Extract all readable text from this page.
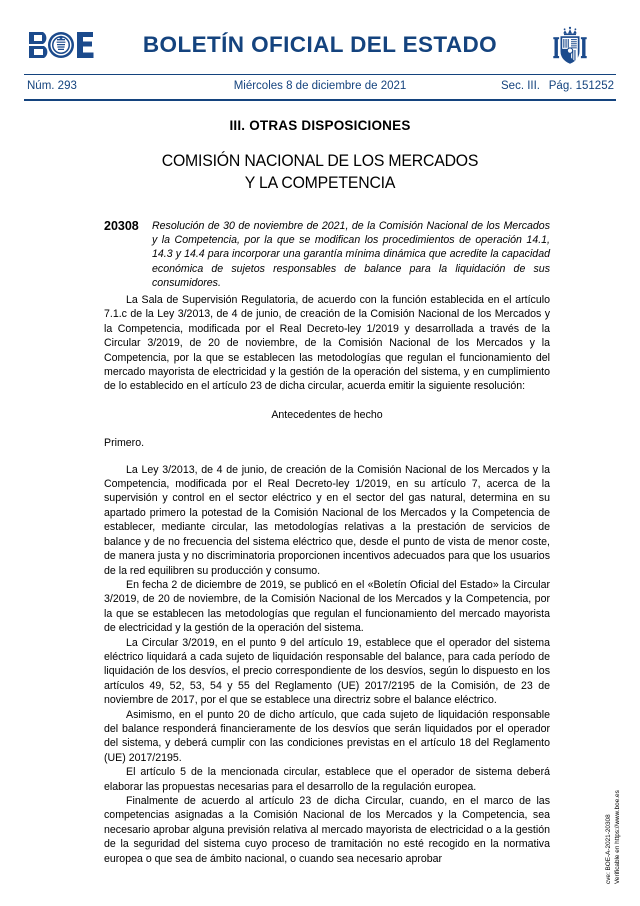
BOLETÍN OFICIAL DEL ESTADO
Núm. 293	Miércoles 8 de diciembre de 2021	Sec. III. Pág. 151252
III. OTRAS DISPOSICIONES
COMISIÓN NACIONAL DE LOS MERCADOS
Y LA COMPETENCIA
20308	Resolución de 30 de noviembre de 2021, de la Comisión Nacional de los Mercados y la Competencia, por la que se modifican los procedimientos de operación 14.1, 14.3 y 14.4 para incorporar una garantía mínima dinámica que acredite la capacidad económica de sujetos responsables de balance para la liquidación de sus consumidores.

La Sala de Supervisión Regulatoria, de acuerdo con la función establecida en el artículo 7.1.c de la Ley 3/2013, de 4 de junio, de creación de la Comisión Nacional de los Mercados y la Competencia, modificada por el Real Decreto-ley 1/2019 y desarrollada a través de la Circular 3/2019, de 20 de noviembre, de la Comisión Nacional de los Mercados y la Competencia, por la que se establecen las metodologías que regulan el funcionamiento del mercado mayorista de electricidad y la gestión de la operación del sistema, y en cumplimiento de lo establecido en el artículo 23 de dicha circular, acuerda emitir la siguiente resolución:

Antecedentes de hecho

Primero.

La Ley 3/2013, de 4 de junio, de creación de la Comisión Nacional de los Mercados y la Competencia, modificada por el Real Decreto-ley 1/2019, en su artículo 7, acerca de la supervisión y control en el sector eléctrico y en el sector del gas natural, determina en su apartado primero la potestad de la Comisión Nacional de los Mercados y la Competencia de establecer, mediante circular, las metodologías relativas a la prestación de servicios de balance y de no frecuencia del sistema eléctrico que, desde el punto de vista de menor coste, de manera justa y no discriminatoria proporcionen incentivos adecuados para que los usuarios de la red equilibren su producción y consumo.

En fecha 2 de diciembre de 2019, se publicó en el «Boletín Oficial del Estado» la Circular 3/2019, de 20 de noviembre, de la Comisión Nacional de los Mercados y la Competencia, por la que se establecen las metodologías que regulan el funcionamiento del mercado mayorista de electricidad y la gestión de la operación del sistema.

La Circular 3/2019, en el punto 9 del artículo 19, establece que el operador del sistema eléctrico liquidará a cada sujeto de liquidación responsable del balance, para cada período de liquidación de los desvíos, el precio correspondiente de los desvíos, según lo dispuesto en los artículos 49, 52, 53, 54 y 55 del Reglamento (UE) 2017/2195 de la Comisión, de 23 de noviembre de 2017, por el que se establece una directriz sobre el balance eléctrico.

Asimismo, en el punto 20 de dicho artículo, que cada sujeto de liquidación responsable del balance responderá financieramente de los desvíos que serán liquidados por el operador del sistema, y deberá cumplir con las condiciones previstas en el artículo 18 del Reglamento (UE) 2017/2195.

El artículo 5 de la mencionada circular, establece que el operador de sistema deberá elaborar las propuestas necesarias para el desarrollo de la regulación europea.

Finalmente de acuerdo al artículo 23 de dicha Circular, cuando, en el marco de las competencias asignadas a la Comisión Nacional de los Mercados y la Competencia, sea necesario aprobar alguna previsión relativa al mercado mayorista de electricidad o a la gestión de la seguridad del sistema cuyo proceso de tramitación no esté recogido en la normativa europea o que sea de ámbito nacional, o cuando sea necesario aprobar	cve: BOE-A-2021-20308 Verificable en https://www.boe.es
